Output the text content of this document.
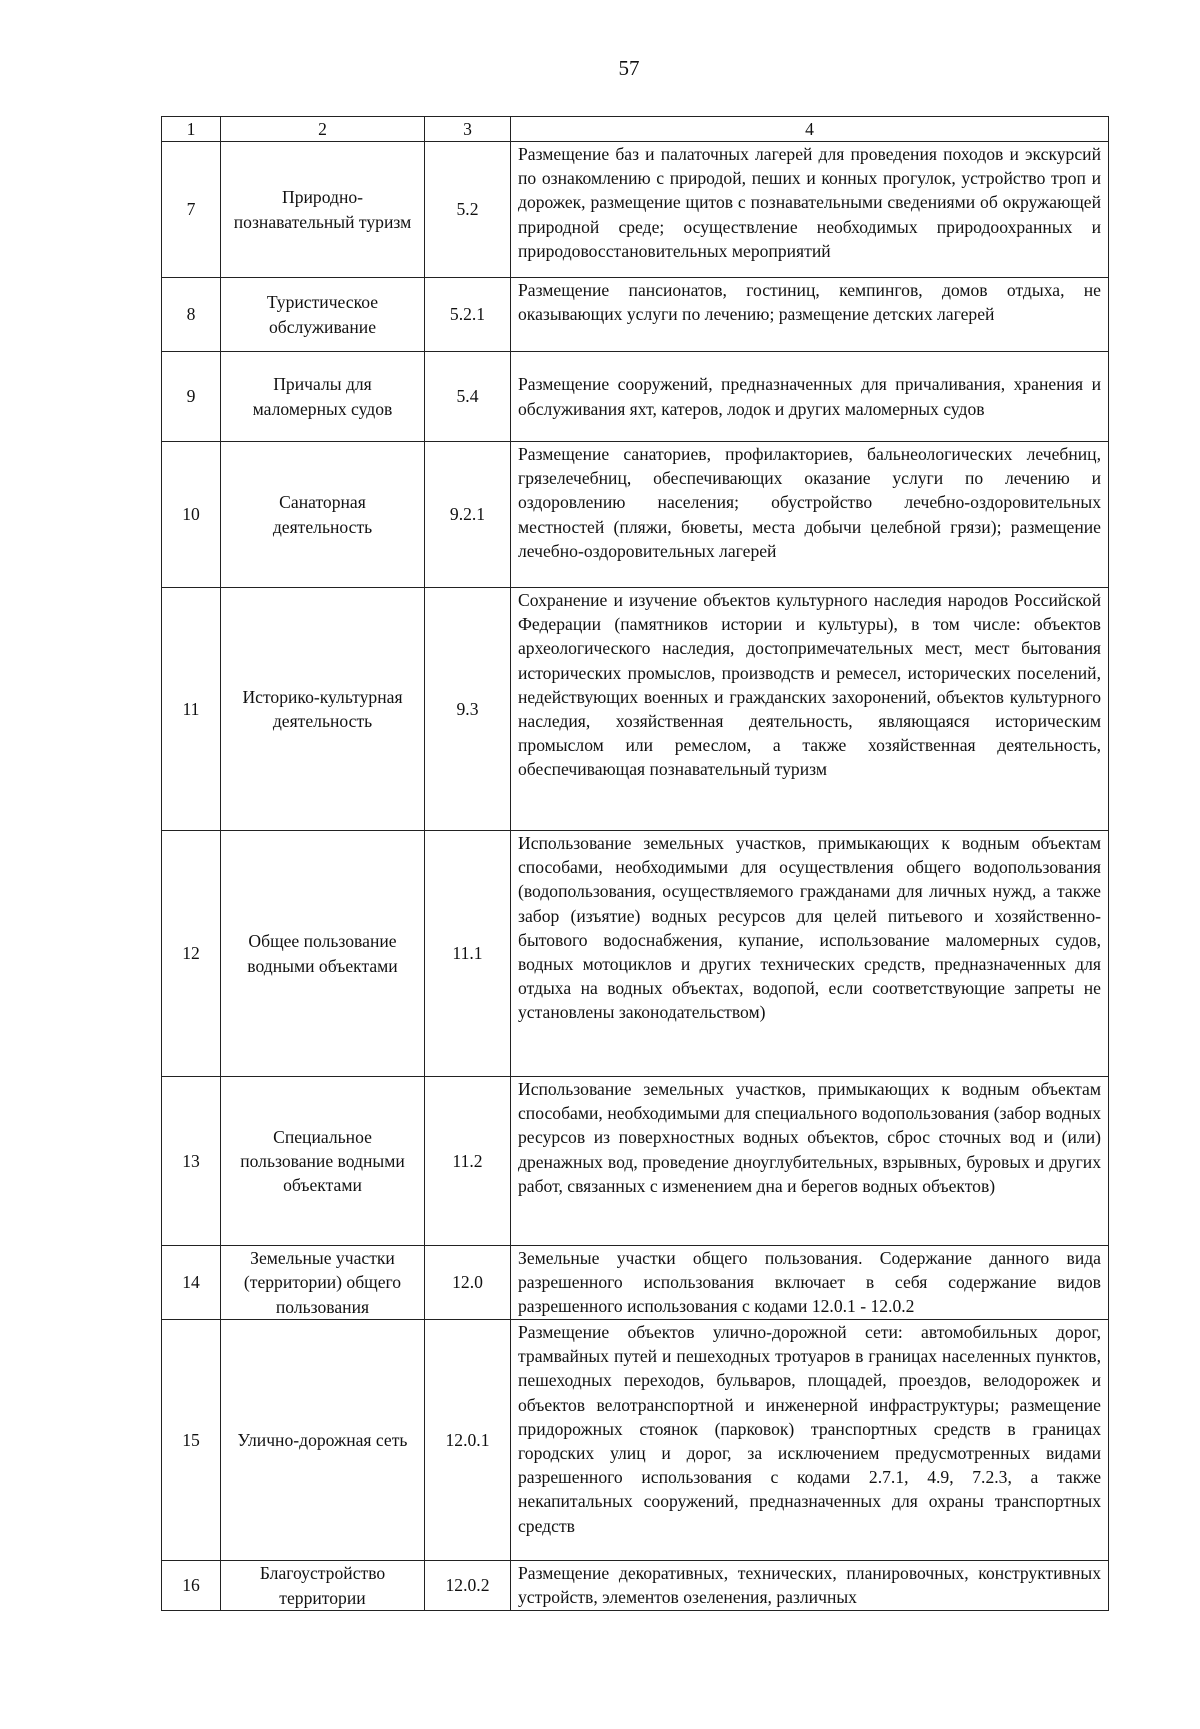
57
1	2	3	4
7	Природно-познавательный туризм	5.2	Размещение баз и палаточных лагерей для проведения походов и экскурсий по ознакомлению с природой, пеших и конных прогулок, устройство троп и дорожек, размещение щитов с познавательными сведениями об окружающей природной среде; осуществление необходимых природоохранных и природовосстановительных мероприятий
8	Туристическое обслуживание	5.2.1	Размещение пансионатов, гостиниц, кемпингов, домов отдыха, не оказывающих услуги по лечению; размещение детских лагерей
9	Причалы для маломерных судов	5.4	Размещение сооружений, предназначенных для причаливания, хранения и обслуживания яхт, катеров, лодок и других маломерных судов
10	Санаторная деятельность	9.2.1	Размещение санаториев, профилакториев, бальнеологических лечебниц, грязелечебниц, обеспечивающих оказание услуги по лечению и оздоровлению населения; обустройство лечебно-оздоровительных местностей (пляжи, бюветы, места добычи целебной грязи); размещение лечебно-оздоровительных лагерей
11	Историко-культурная деятельность	9.3	Сохранение и изучение объектов культурного наследия народов Российской Федерации (памятников истории и культуры), в том числе: объектов археологического наследия, достопримечательных мест, мест бытования исторических промыслов, производств и ремесел, исторических поселений, недействующих военных и гражданских захоронений, объектов культурного наследия, хозяйственная деятельность, являющаяся историческим промыслом или ремеслом, а также хозяйственная деятельность, обеспечивающая познавательный туризм
12	Общее пользование водными объектами	11.1	Использование земельных участков, примыкающих к водным объектам способами, необходимыми для осуществления общего водопользования (водопользования, осуществляемого гражданами для личных нужд, а также забор (изъятие) водных ресурсов для целей питьевого и хозяйственно-бытового водоснабжения, купание, использование маломерных судов, водных мотоциклов и других технических средств, предназначенных для отдыха на водных объектах, водопой, если соответствующие запреты не установлены законодательством)
13	Специальное пользование водными объектами	11.2	Использование земельных участков, примыкающих к водным объектам способами, необходимыми для специального водопользования (забор водных ресурсов из поверхностных водных объектов, сброс сточных вод и (или) дренажных вод, проведение дноуглубительных, взрывных, буровых и других работ, связанных с изменением дна и берегов водных объектов)
14	Земельные участки (территории) общего пользования	12.0	Земельные участки общего пользования. Содержание данного вида разрешенного использования включает в себя содержание видов разрешенного использования с кодами 12.0.1 - 12.0.2
15	Улично-дорожная сеть	12.0.1	Размещение объектов улично-дорожной сети: автомобильных дорог, трамвайных путей и пешеходных тротуаров в границах населенных пунктов, пешеходных переходов, бульваров, площадей, проездов, велодорожек и объектов велотранспортной и инженерной инфраструктуры; размещение придорожных стоянок (парковок) транспортных средств в границах городских улиц и дорог, за исключением предусмотренных видами разрешенного использования с кодами 2.7.1, 4.9, 7.2.3, а также некапитальных сооружений, предназначенных для охраны транспортных средств
16	Благоустройство территории	12.0.2	Размещение декоративных, технических, планировочных, конструктивных устройств, элементов озеленения, различных
